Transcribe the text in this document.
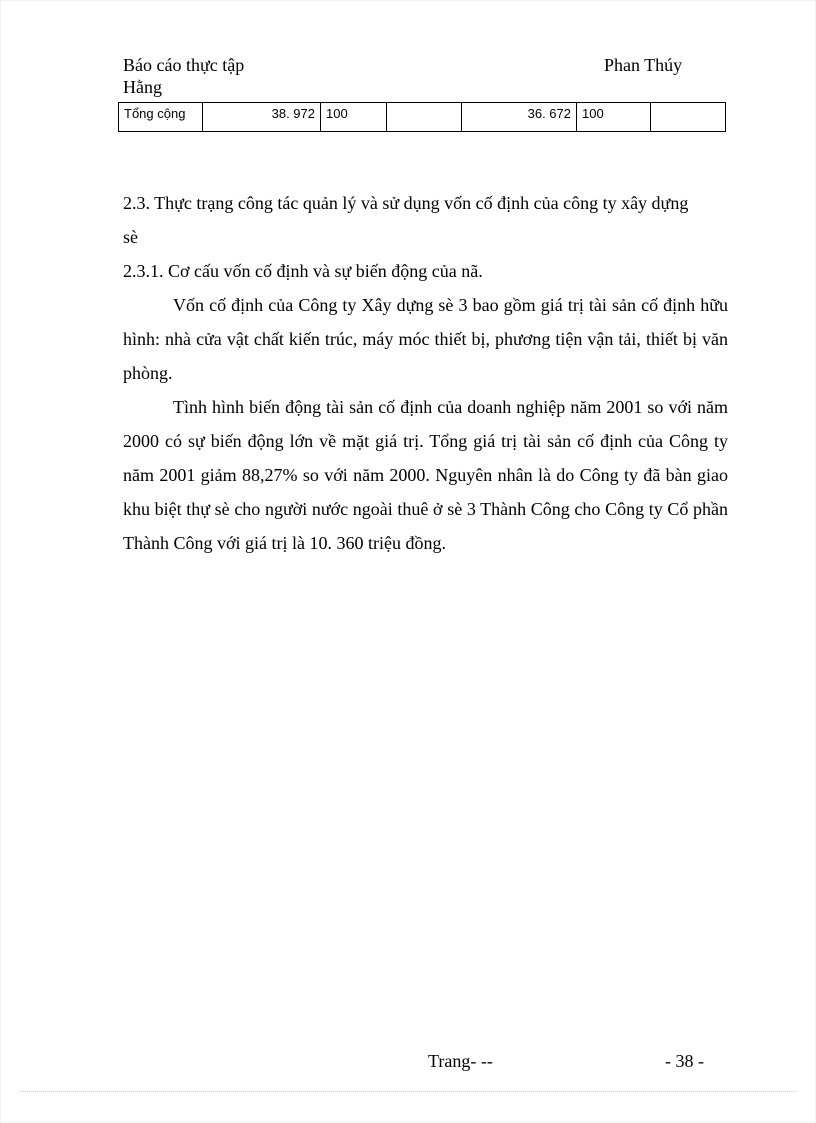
Báo cáo thực tập
Hằng
Phan Thúy
Tổng cộng	38. 972	100		36. 672	100	

2.3. Thực trạng công tác quản lý và sử dụng vốn cố định của công ty xây dựng

sè

2.3.1. Cơ cấu vốn cố định và sự biến động của nã.

Vốn cố định của Công ty Xây dựng sè 3 bao gồm giá trị tài sản cố định hữu hình: nhà cửa vật chất kiến trúc, máy móc thiết bị, phương tiện vận tải, thiết bị văn phòng.

Tình hình biến động tài sản cố định của doanh nghiệp năm 2001 so với năm 2000 có sự biến động lớn về mặt giá trị. Tổng giá trị tài sản cố định của Công ty năm 2001 giảm 88,27% so với năm 2000. Nguyên nhân là do Công ty đã bàn giao khu biệt thự sè cho người nước ngoài thuê ở sè 3 Thành Công cho Công ty Cổ phần Thành Công với giá trị là 10. 360 triệu đồng.

Trang- --	- 38 -
